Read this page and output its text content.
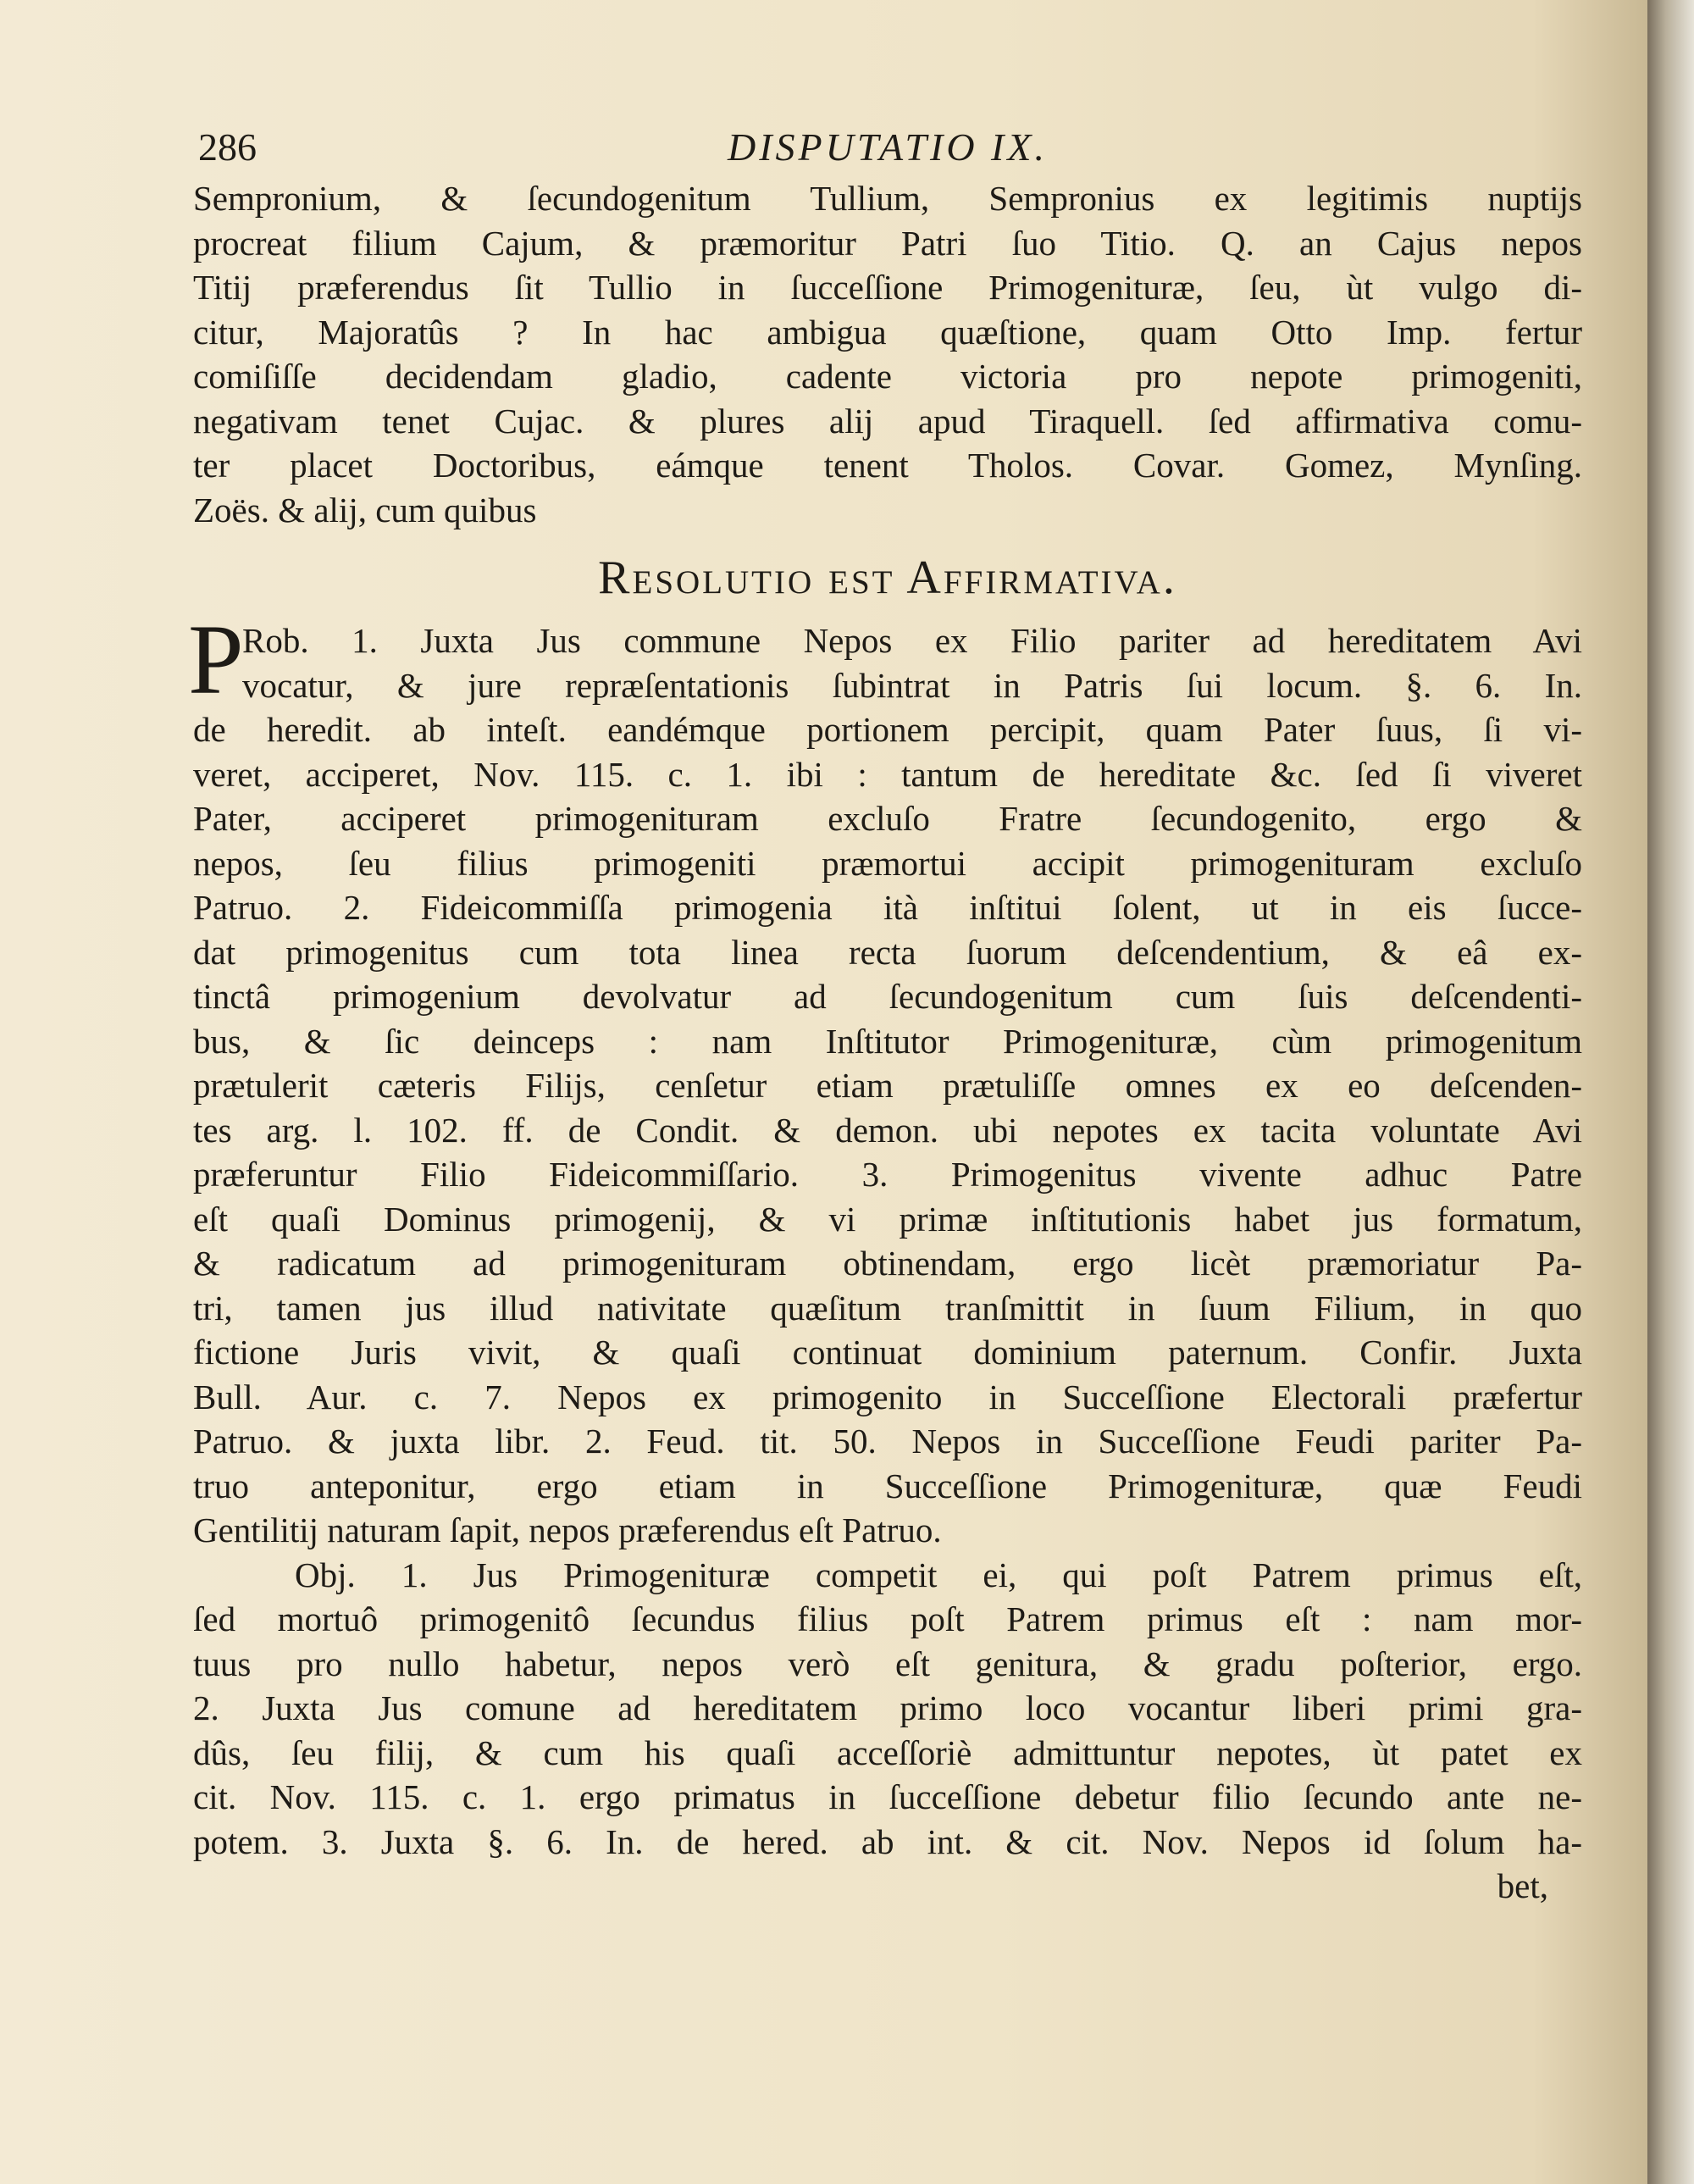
286	DISPUTATIO IX.
Sempronium, & ſecundogenitum Tullium, Sempronius ex legitimis nuptijs
procreat filium Cajum, & præmoritur Patri ſuo Titio. Q. an Cajus nepos
Titij præferendus ſit Tullio in ſucceſſione Primogenituræ, ſeu, ùt vulgo di-
citur, Majoratûs ? In hac ambigua quæſtione, quam Otto Imp. fertur
comiſiſſe decidendam gladio, cadente victoria pro nepote primogeniti,
negativam tenet Cujac. & plures alij apud Tiraquell. ſed affirmativa comu-
ter placet Doctoribus, eámque tenent Tholos. Covar. Gomez, Mynſing.
Zoës. & alij, cum quibus
Resolutio est Affirmativa.
P
Rob. 1. Juxta Jus commune Nepos ex Filio pariter ad hereditatem Avi
vocatur, & jure repræſentationis ſubintrat in Patris ſui locum. §. 6. In.
de heredit. ab inteſt. eandémque portionem percipit, quam Pater ſuus, ſi vi-
veret, acciperet, Nov. 115. c. 1. ibi : tantum de hereditate &c. ſed ſi viveret
Pater, acciperet primogenituram excluſo Fratre ſecundogenito, ergo &
nepos, ſeu filius primogeniti præmortui accipit primogenituram excluſo
Patruo. 2. Fideicommiſſa primogenia ità inſtitui ſolent, ut in eis ſucce-
dat primogenitus cum tota linea recta ſuorum deſcendentium, & eâ ex-
tinctâ primogenium devolvatur ad ſecundogenitum cum ſuis deſcendenti-
bus, & ſic deinceps : nam Inſtitutor Primogenituræ, cùm primogenitum
prætulerit cæteris Filijs, cenſetur etiam prætuliſſe omnes ex eo deſcenden-
tes arg. l. 102. ff. de Condit. & demon. ubi nepotes ex tacita voluntate Avi
præferuntur Filio Fideicommiſſario. 3. Primogenitus vivente adhuc Patre
eſt quaſi Dominus primogenij, & vi primæ inſtitutionis habet jus formatum,
& radicatum ad primogenituram obtinendam, ergo licèt præmoriatur Pa-
tri, tamen jus illud nativitate quæſitum tranſmittit in ſuum Filium, in quo
fictione Juris vivit, & quaſi continuat dominium paternum. Confir. Juxta
Bull. Aur. c. 7. Nepos ex primogenito in Succeſſione Electorali præfertur
Patruo. & juxta libr. 2. Feud. tit. 50. Nepos in Succeſſione Feudi pariter Pa-
truo anteponitur, ergo etiam in Succeſſione Primogenituræ, quæ Feudi
Gentilitij naturam ſapit, nepos præferendus eſt Patruo.
Obj. 1. Jus Primogenituræ competit ei, qui poſt Patrem primus eſt,
ſed mortuô primogenitô ſecundus filius poſt Patrem primus eſt : nam mor-
tuus pro nullo habetur, nepos verò eſt genitura, & gradu poſterior, ergo.
2. Juxta Jus comune ad hereditatem primo loco vocantur liberi primi gra-
dûs, ſeu filij, & cum his quaſi acceſſoriè admittuntur nepotes, ùt patet ex
cit. Nov. 115. c. 1. ergo primatus in ſucceſſione debetur filio ſecundo ante ne-
potem. 3. Juxta §. 6. In. de hered. ab int. & cit. Nov. Nepos id ſolum ha-
bet,
